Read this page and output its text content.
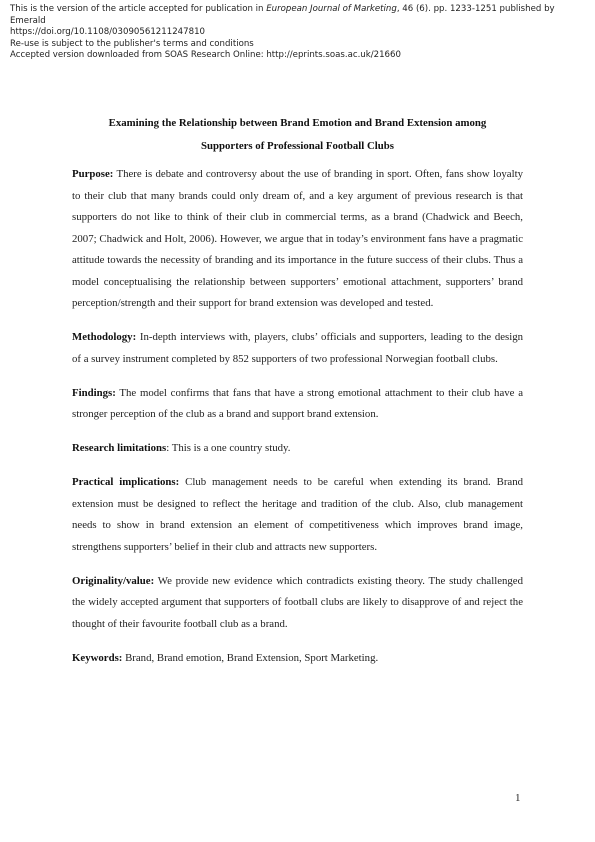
This is the version of the article accepted for publication in European Journal of Marketing, 46 (6). pp. 1233-1251 published by Emerald
https://doi.org/10.1108/03090561211247810
Re-use is subject to the publisher's terms and conditions
Accepted version downloaded from SOAS Research Online: http://eprints.soas.ac.uk/21660
Examining the Relationship between Brand Emotion and Brand Extension among
Supporters of Professional Football Clubs

Purpose: There is debate and controversy about the use of branding in sport. Often, fans show loyalty to their club that many brands could only dream of, and a key argument of previous research is that supporters do not like to think of their club in commercial terms, as a brand (Chadwick and Beech, 2007; Chadwick and Holt, 2006). However, we argue that in today’s environment fans have a pragmatic attitude towards the necessity of branding and its importance in the future success of their clubs. Thus a model conceptualising the relationship between supporters’ emotional attachment, supporters’ brand perception/strength and their support for brand extension was developed and tested.

Methodology: In-depth interviews with, players, clubs’ officials and supporters, leading to the design of a survey instrument completed by 852 supporters of two professional Norwegian football clubs.

Findings: The model confirms that fans that have a strong emotional attachment to their club have a stronger perception of the club as a brand and support brand extension.

Research limitations: This is a one country study.

Practical implications: Club management needs to be careful when extending its brand. Brand extension must be designed to reflect the heritage and tradition of the club. Also, club management needs to show in brand extension an element of competitiveness which improves brand image, strengthens supporters’ belief in their club and attracts new supporters.

Originality/value: We provide new evidence which contradicts existing theory. The study challenged the widely accepted argument that supporters of football clubs are likely to disapprove of and reject the thought of their favourite football club as a brand.

Keywords: Brand, Brand emotion, Brand Extension, Sport Marketing.

1
